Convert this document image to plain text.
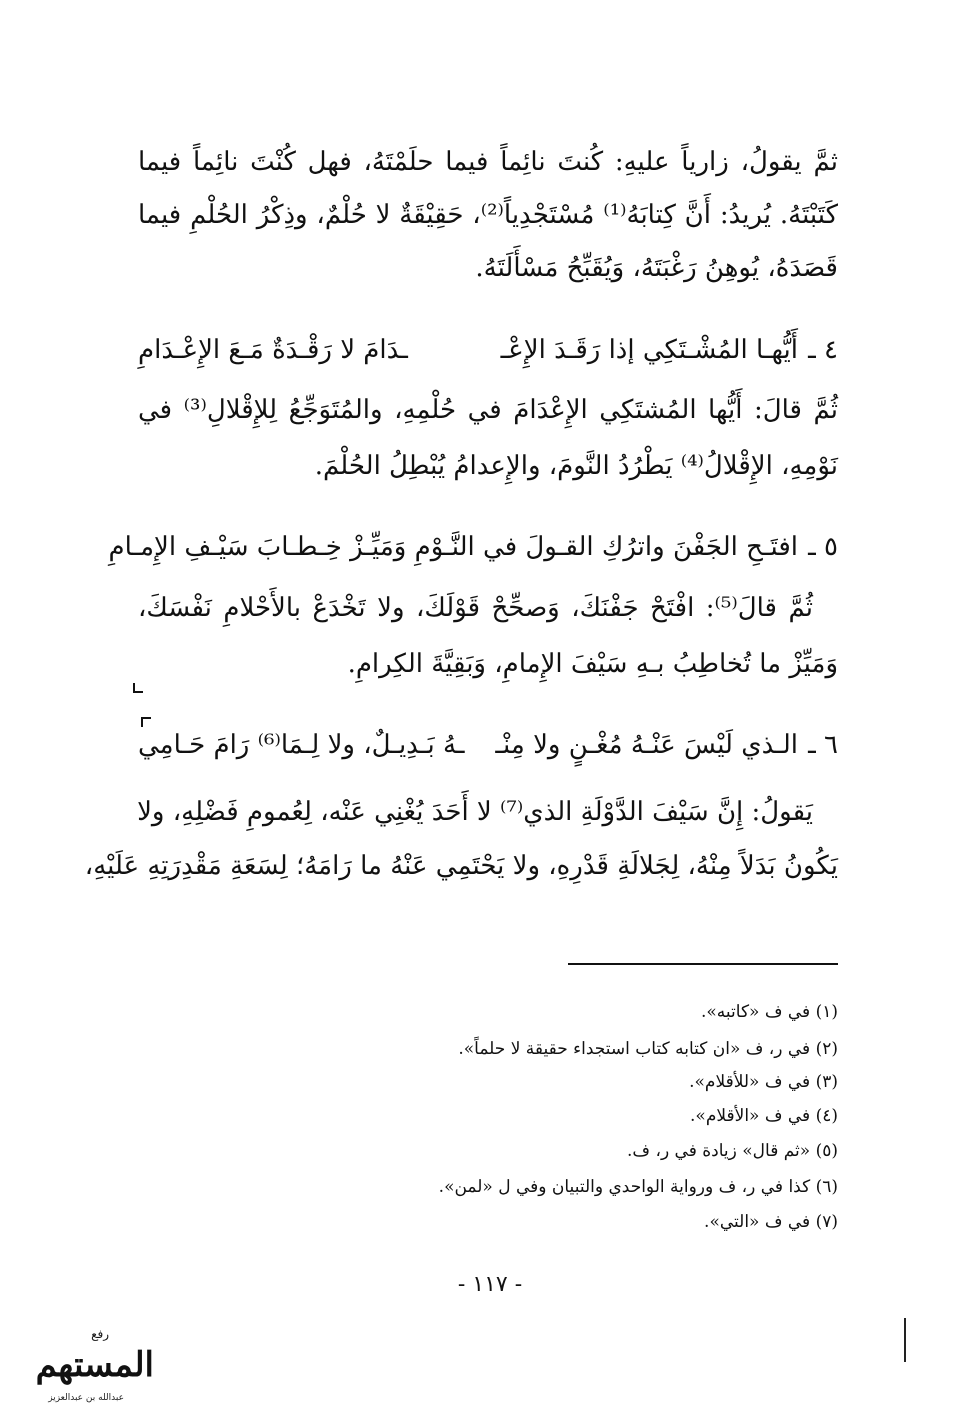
ثمَّ يقولُ، زارياً عليهِ: كُنتَ نائِماً فيما حلَمْتَهُ، فهل كُنْتَ نائِماً فيما
كَتَبْتَهُ. يُريدُ: أَنَّ كِتابَهُ⁽¹⁾ مُسْتَجْدِياً⁽²⁾، حَقِيْقَةٌ لا حُلْمٌ، وذِكْرُ الحُلْمِ فيما
قَصَدَهُ، يُوهِنُ رَغْبَتَهُ، وَيُقَبِّحُ مَسْأَلَتَهُ.
٤ ـ
أَيُّهـا المُشْـتَكِي إذا رَقَـدَ الإِعْـ
ـدَامَ لا رَقْـدَةٌ مَـعَ الإِعْـدَامِ
ثُمَّ قالَ: أَيُّها المُشتَكِي الإِعْدَامَ في حُلْمِهِ، والمُتَوَجِّعُ لِلإِقْلالِ⁽³⁾ في
نَوْمِهِ، الإِقْلالُ⁽⁴⁾ يَطْرُدُ النَّومَ، والإِعدامُ يُبْطِلُ الحُلْمَ.
٥ ـ
افتَـحِ الجَفْنَ واترُكِ القـولَ في النَّـوْ
مِ وَمَيِّـزْ خِـطـابَ سَيْـفِ الإِمـامِ
ثُمَّ قالَ⁽⁵⁾: افْتَحْ جَفْنَكَ، وَصحِّحْ قَوْلَكَ، ولا تَخْدَعْ بالأَحْلامِ نَفْسَكَ،
وَمَيِّزْ ما تُخاطِبُ بـهِ سَيْفَ الإِمامِ، وَبَقِيَّةَ الكِرامِ.
٦ ـ
الـذي لَيْسَ عَنْـهُ مُغْـنٍ ولا مِنْـ
ـهُ بَـدِيـلٌ، ولا لِـمَا⁽⁶⁾ رَامَ حَـامِي
يَقولُ: إِنَّ سَيْفَ الدَّوْلَةِ الذي⁽⁷⁾ لا أَحَدَ يُغْنِي عَنْه، لِعُمومِ فَضْلِهِ، ولا
يَكُونُ بَدَلاً مِنْهُ، لِجَلالَةِ قَدْرِهِ، ولا يَحْتَمِي عَنْهُ ما رَامَهُ؛ لِسَعَةِ مَقْدِرَتِهِ عَلَيْهِ،
(١) في ف «كاتبه».
(٢) في ر، ف «ان كتابه كتاب استجداء حقيقة لا حلماً».
(٣) في ف «للأقلام».
(٤) في ف «الأقلام».
(٥) «ثم قال» زيادة في ر، ف.
(٦) كذا في ر، ف ورواية الواحدي والتبيان وفي ل «لمن».
(٧) في ف «التي».
- ١١٧ -
رفع
المستهم
عبدالله بن عبدالعزيز
